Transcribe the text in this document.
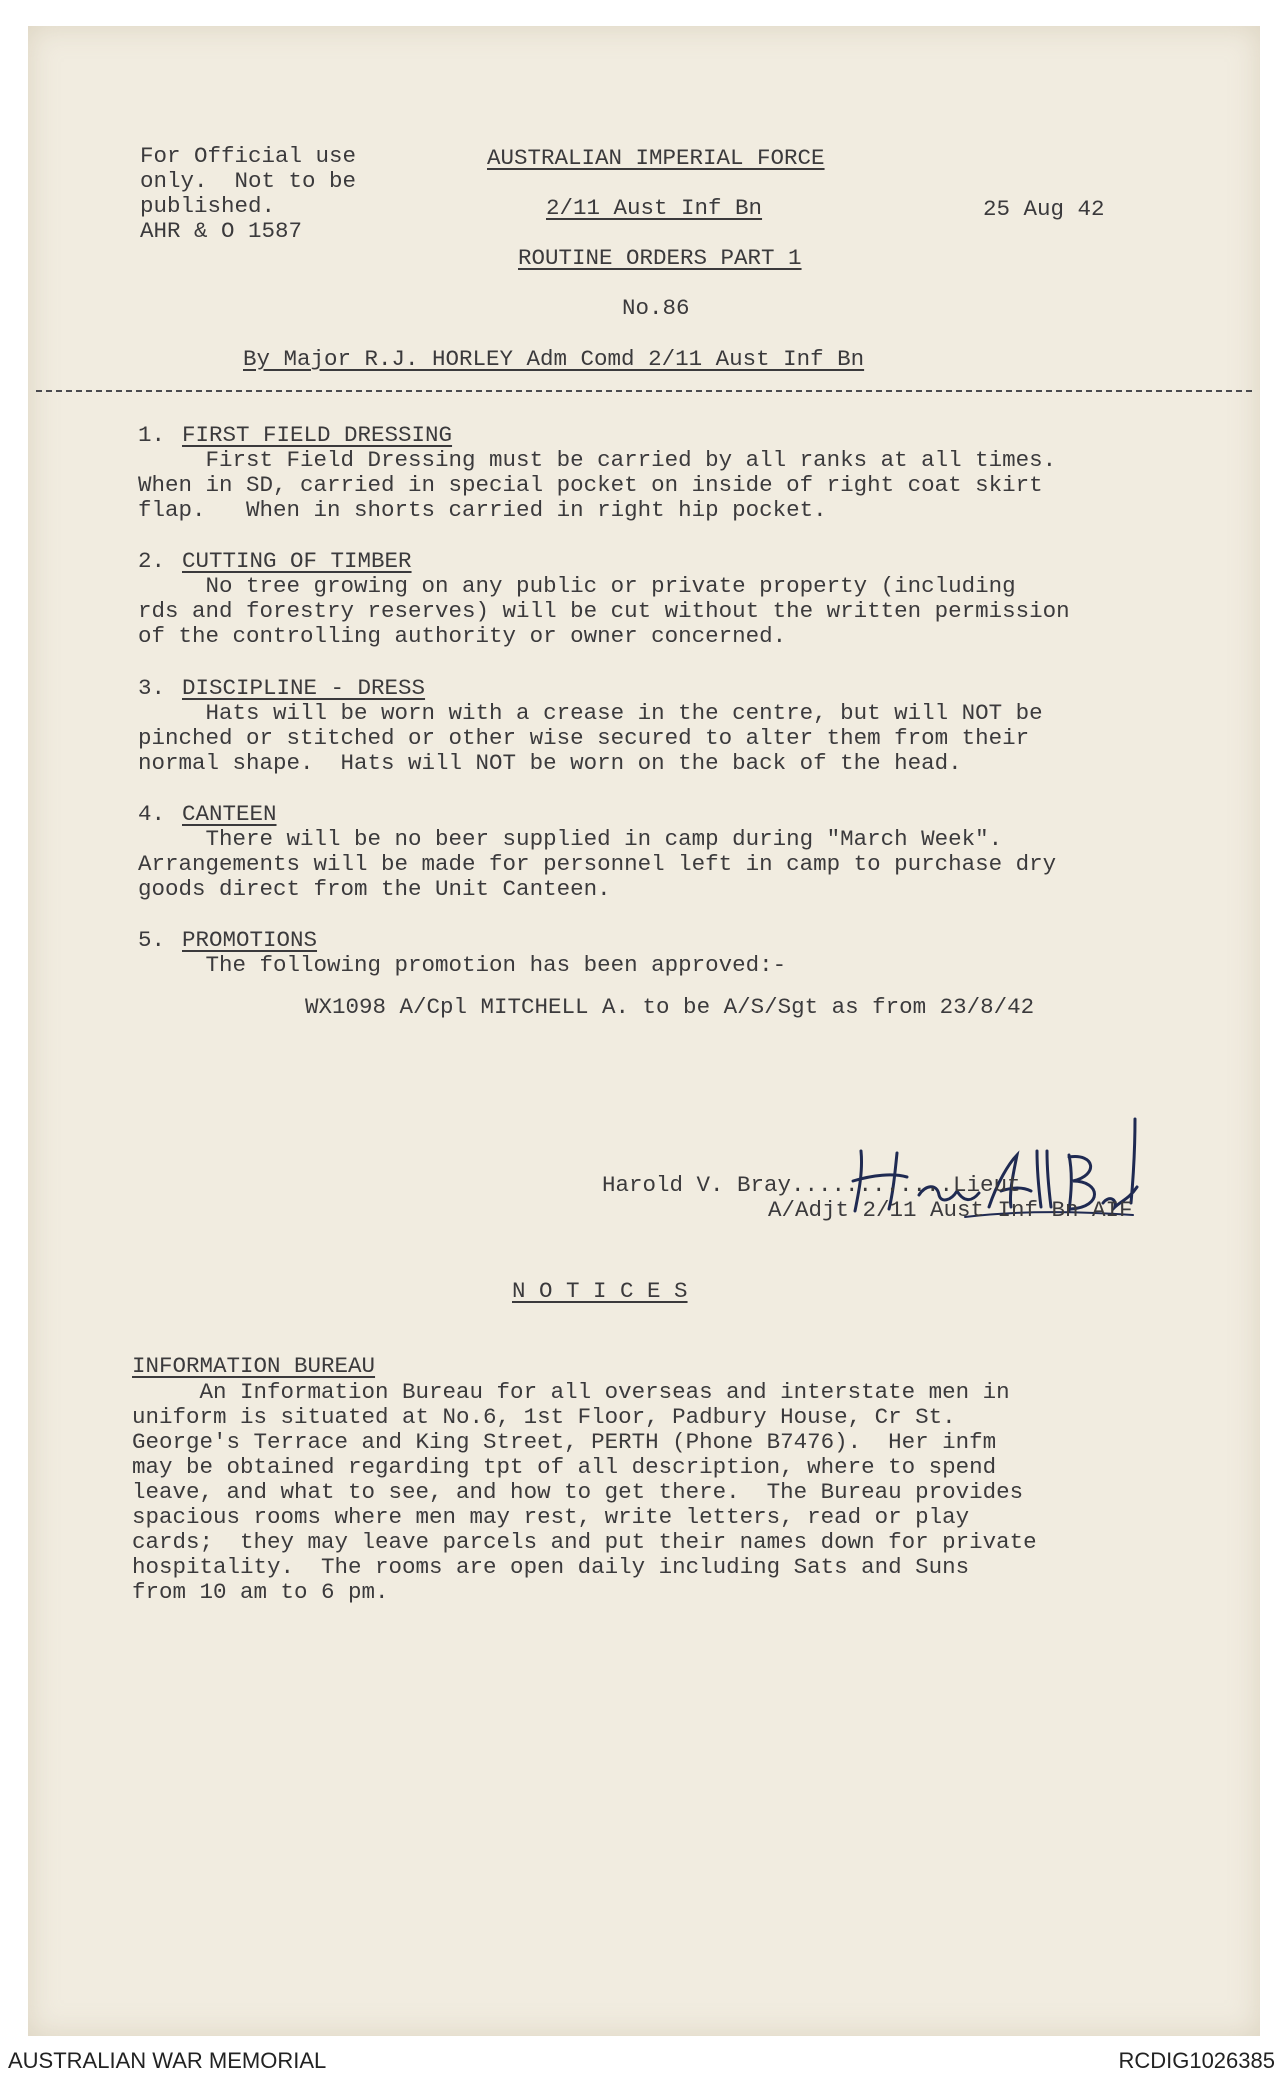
For Official use
only.  Not to be
published.
AHR & O 1587
AUSTRALIAN IMPERIAL FORCE
2/11 Aust Inf Bn	25 Aug 42
ROUTINE ORDERS PART 1
No.86
By Major R.J. HORLEY Adm Comd 2/11 Aust Inf Bn
1. FIRST FIELD DRESSING
First Field Dressing must be carried by all ranks at all times.
When in SD, carried in special pocket on inside of right coat skirt
flap.   When in shorts carried in right hip pocket.
2. CUTTING OF TIMBER
No tree growing on any public or private property (including
rds and forestry reserves) will be cut without the written permission
of the controlling authority or owner concerned.
3. DISCIPLINE - DRESS
Hats will be worn with a crease in the centre, but will NOT be
pinched or stitched or other wise secured to alter them from their
normal shape.  Hats will NOT be worn on the back of the head.
4. CANTEEN
There will be no beer supplied in camp during "March Week".
Arrangements will be made for personnel left in camp to purchase dry
goods direct from the Unit Canteen.
5. PROMOTIONS
The following promotion has been approved:-
WX1098 A/Cpl MITCHELL A. to be A/S/Sgt as from 23/8/42
Harold V. Bray............Lieut
A/Adjt 2/11 Aust Inf Bn AIF
N O T I C E S
INFORMATION BUREAU
An Information Bureau for all overseas and interstate men in
uniform is situated at No.6, 1st Floor, Padbury House, Cr St.
George's Terrace and King Street, PERTH (Phone B7476).  Her infm
may be obtained regarding tpt of all description, where to spend
leave, and what to see, and how to get there.  The Bureau provides
spacious rooms where men may rest, write letters, read or play
cards;  they may leave parcels and put their names down for private
hospitality.  The rooms are open daily including Sats and Suns
from 10 am to 6 pm.
AUSTRALIAN WAR MEMORIAL	RCDIG1026385
